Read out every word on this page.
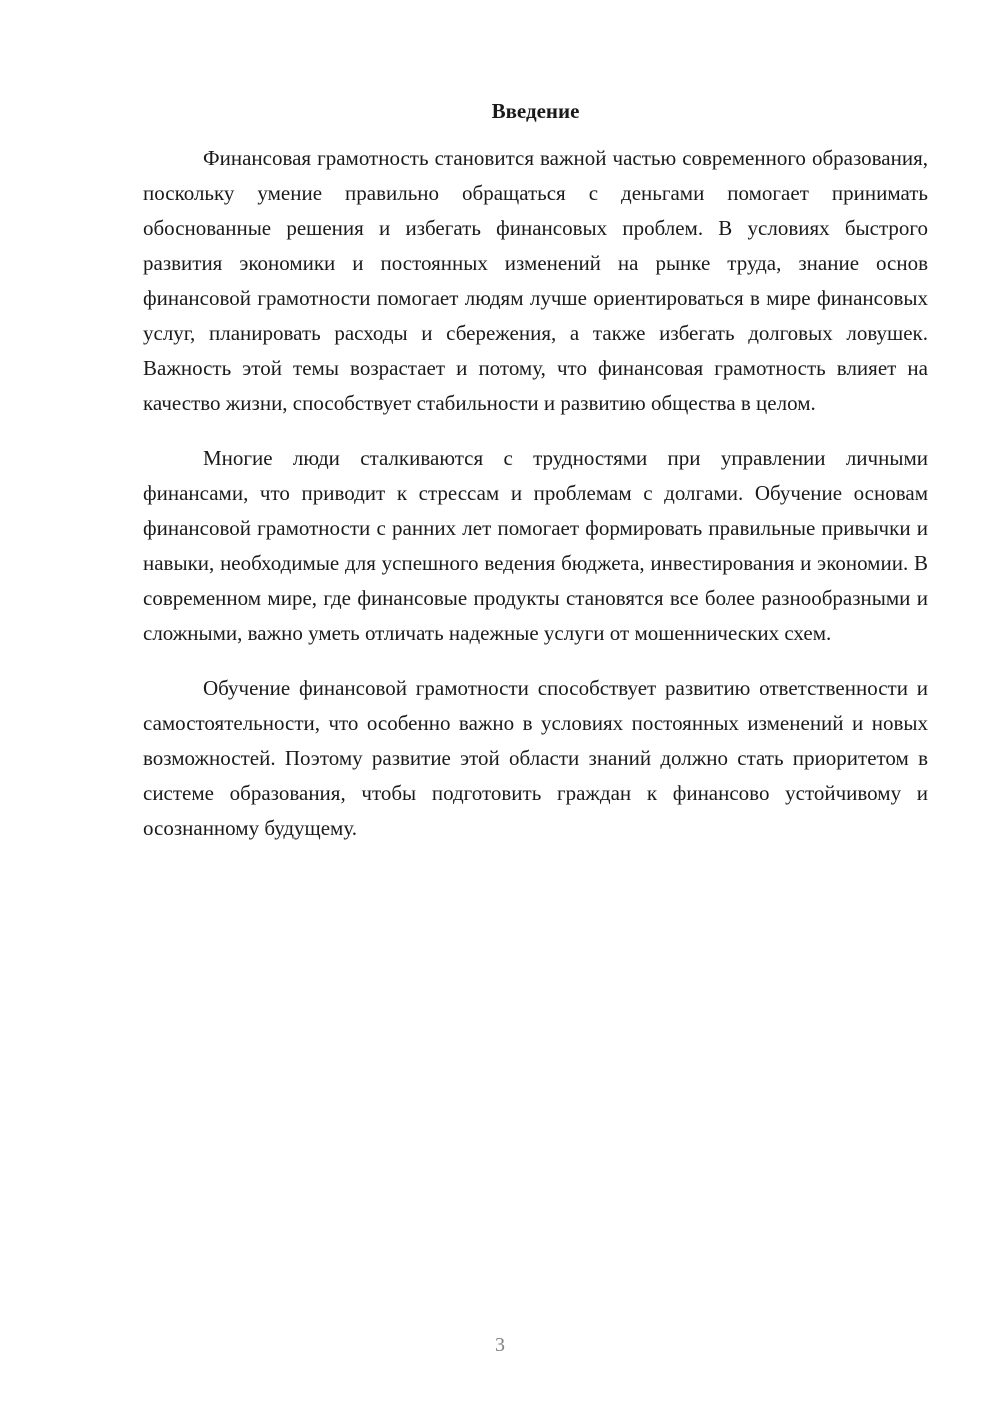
Введение

Финансовая грамотность становится важной частью современного образования, поскольку умение правильно обращаться с деньгами помогает принимать обоснованные решения и избегать финансовых проблем. В условиях быстрого развития экономики и постоянных изменений на рынке труда, знание основ финансовой грамотности помогает людям лучше ориентироваться в мире финансовых услуг, планировать расходы и сбережения, а также избегать долговых ловушек. Важность этой темы возрастает и потому, что финансовая грамотность влияет на качество жизни, способствует стабильности и развитию общества в целом.

Многие люди сталкиваются с трудностями при управлении личными финансами, что приводит к стрессам и проблемам с долгами. Обучение основам финансовой грамотности с ранних лет помогает формировать правильные привычки и навыки, необходимые для успешного ведения бюджета, инвестирования и экономии. В современном мире, где финансовые продукты становятся все более разнообразными и сложными, важно уметь отличать надежные услуги от мошеннических схем.

Обучение финансовой грамотности способствует развитию ответственности и самостоятельности, что особенно важно в условиях постоянных изменений и новых возможностей. Поэтому развитие этой области знаний должно стать приоритетом в системе образования, чтобы подготовить граждан к финансово устойчивому и осознанному будущему.

3
